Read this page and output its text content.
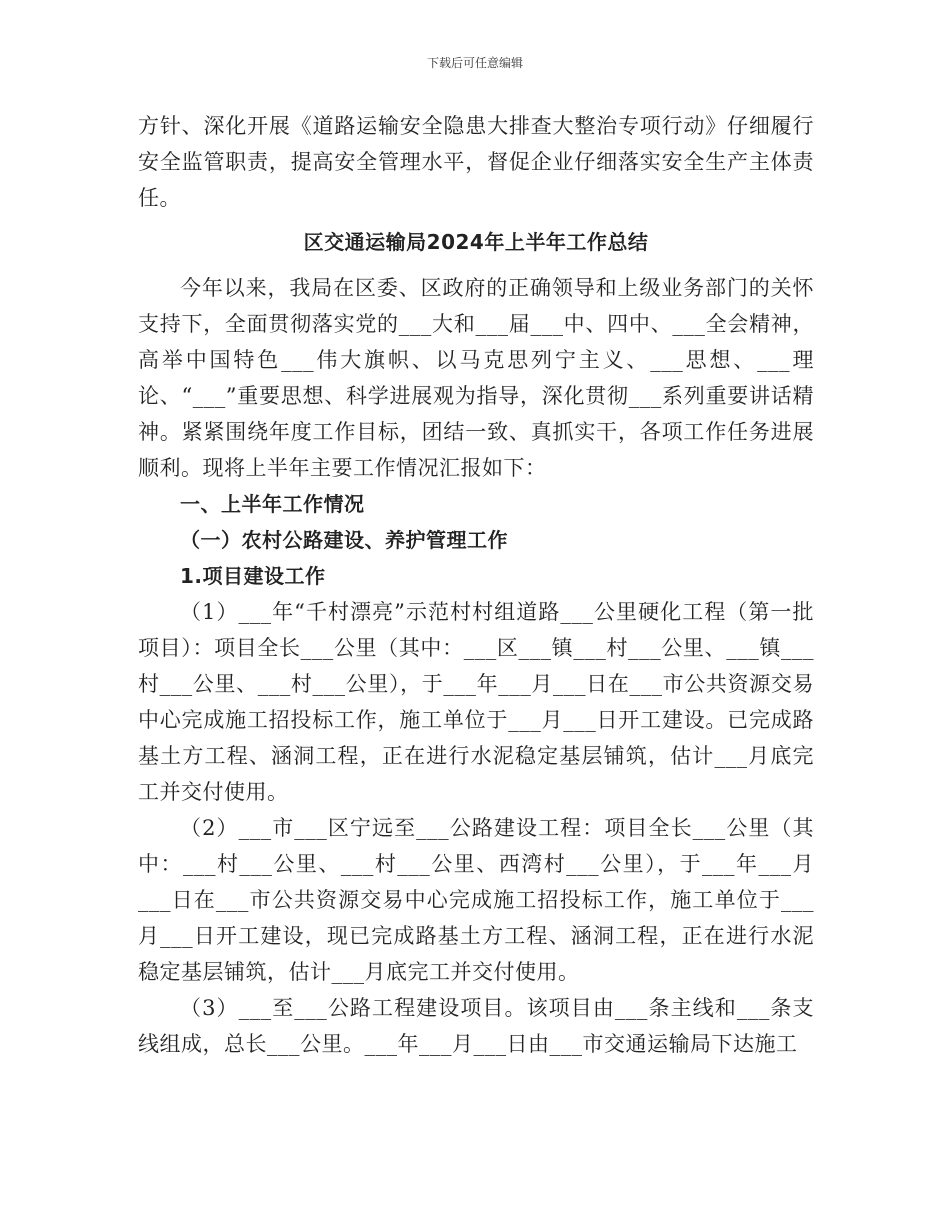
下载后可任意编辑

方针、深化开展《道路运输安全隐患大排查大整治专项行动》仔细履行安全监管职责，提高安全管理水平，督促企业仔细落实安全生产主体责任。

区交通运输局2024年上半年工作总结

今年以来，我局在区委、区政府的正确领导和上级业务部门的关怀支持下，全面贯彻落实党的___大和___届___中、四中、___全会精神，高举中国特色___伟大旗帜、以马克思列宁主义、___思想、___理论、“___”重要思想、科学进展观为指导，深化贯彻___系列重要讲话精神。紧紧围绕年度工作目标，团结一致、真抓实干，各项工作任务进展顺利。现将上半年主要工作情况汇报如下：

一、上半年工作情况

（一）农村公路建设、养护管理工作

1.项目建设工作

（1）___年“千村漂亮”示范村村组道路___公里硬化工程（第一批项目）：项目全长___公里（其中：___区___镇___村___公里、___镇___村___公里、___村___公里），于___年___月___日在___市公共资源交易中心完成施工招投标工作，施工单位于___月___日开工建设。已完成路基土方工程、涵洞工程，正在进行水泥稳定基层铺筑，估计___月底完工并交付使用。

（2）___市___区宁远至___公路建设工程：项目全长___公里（其中：___村___公里、___村___公里、西湾村___公里），于___年___月___日在___市公共资源交易中心完成施工招投标工作，施工单位于___月___日开工建设，现已完成路基土方工程、涵洞工程，正在进行水泥稳定基层铺筑，估计___月底完工并交付使用。

（3）___至___公路工程建设项目。该项目由___条主线和___条支线组成，总长___公里。___年___月___日由___市交通运输局下达施工
